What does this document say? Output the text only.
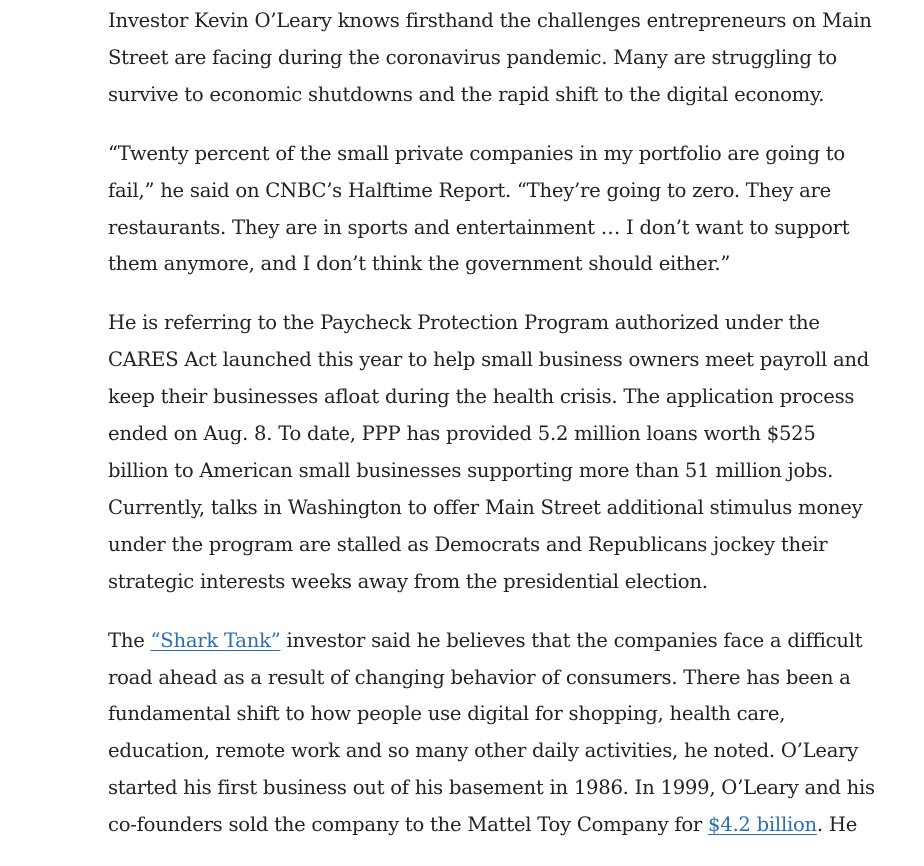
Investor Kevin O’Leary knows firsthand the challenges entrepreneurs on Main
Street are facing during the coronavirus pandemic. Many are struggling to
survive to economic shutdowns and the rapid shift to the digital economy.

“Twenty percent of the small private companies in my portfolio are going to
fail,” he said on CNBC’s Halftime Report. “They’re going to zero. They are
restaurants. They are in sports and entertainment … I don’t want to support
them anymore, and I don’t think the government should either.”

He is referring to the Paycheck Protection Program authorized under the
CARES Act launched this year to help small business owners meet payroll and
keep their businesses afloat during the health crisis. The application process
ended on Aug. 8. To date, PPP has provided 5.2 million loans worth $525
billion to American small businesses supporting more than 51 million jobs.
Currently, talks in Washington to offer Main Street additional stimulus money
under the program are stalled as Democrats and Republicans jockey their
strategic interests weeks away from the presidential election.

The “Shark Tank” investor said he believes that the companies face a difficult
road ahead as a result of changing behavior of consumers. There has been a
fundamental shift to how people use digital for shopping, health care,
education, remote work and so many other daily activities, he noted. O’Leary
started his first business out of his basement in 1986. In 1999, O’Leary and his
co-founders sold the company to the Mattel Toy Company for $4.2 billion. He
